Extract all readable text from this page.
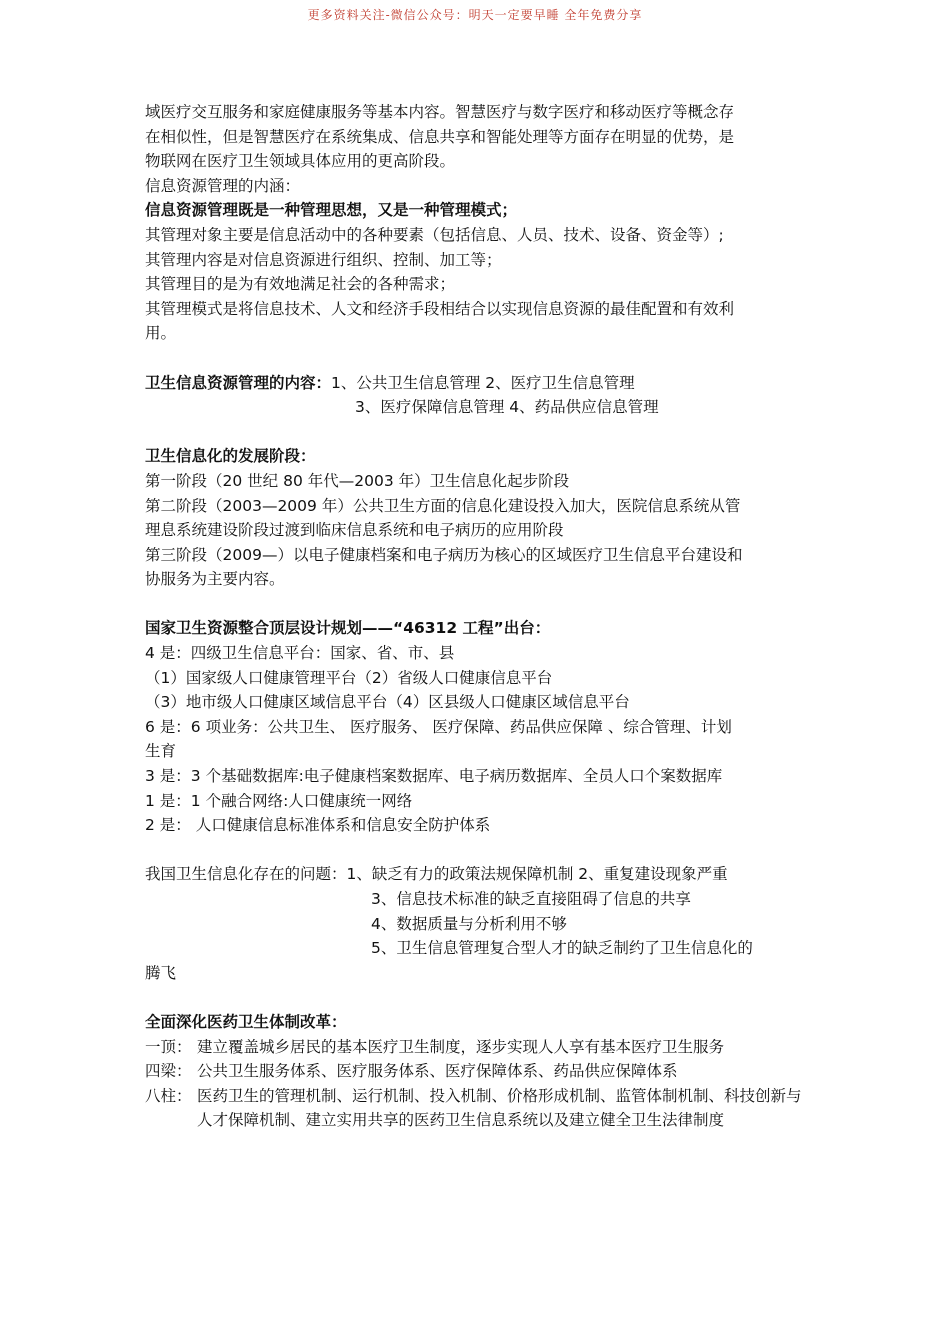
更多资料关注-微信公众号：明天一定要早睡 全年免费分享
域医疗交互服务和家庭健康服务等基本内容。智慧医疗与数字医疗和移动医疗等概念存
在相似性，但是智慧医疗在系统集成、信息共享和智能处理等方面存在明显的优势，是
物联网在医疗卫生领域具体应用的更高阶段。
信息资源管理的内涵：
信息资源管理既是一种管理思想，又是一种管理模式；
其管理对象主要是信息活动中的各种要素（包括信息、人员、技术、设备、资金等）;
其管理内容是对信息资源进行组织、控制、加工等；
其管理目的是为有效地满足社会的各种需求；
其管理模式是将信息技术、人文和经济手段相结合以实现信息资源的最佳配置和有效利
用。
卫生信息资源管理的内容：1、公共卫生信息管理 2、医疗卫生信息管理
3、医疗保障信息管理 4、药品供应信息管理
卫生信息化的发展阶段：
第一阶段（20 世纪 80 年代—2003 年）卫生信息化起步阶段
第二阶段（2003—2009 年）公共卫生方面的信息化建设投入加大，医院信息系统从管
理息系统建设阶段过渡到临床信息系统和电子病历的应用阶段
第三阶段（2009—）以电子健康档案和电子病历为核心的区域医疗卫生信息平台建设和
协服务为主要内容。
国家卫生资源整合顶层设计规划——“46312 工程”出台：
4 是：四级卫生信息平台：国家、省、市、县
（1）国家级人口健康管理平台（2）省级人口健康信息平台
（3）地市级人口健康区域信息平台（4）区县级人口健康区域信息平台
6 是：6 项业务：公共卫生、 医疗服务、 医疗保障、药品供应保障 、综合管理、计划
生育
3 是：3 个基础数据库:电子健康档案数据库、电子病历数据库、全员人口个案数据库
1 是：1 个融合网络:人口健康统一网络
2 是： 人口健康信息标准体系和信息安全防护体系
我国卫生信息化存在的问题：1、缺乏有力的政策法规保障机制 2、重复建设现象严重
3、信息技术标准的缺乏直接阻碍了信息的共享
4、数据质量与分析利用不够
5、卫生信息管理复合型人才的缺乏制约了卫生信息化的
腾飞
全面深化医药卫生体制改革：
一顶： 建立覆盖城乡居民的基本医疗卫生制度，逐步实现人人享有基本医疗卫生服务
四梁： 公共卫生服务体系、医疗服务体系、医疗保障体系、药品供应保障体系
八柱： 医药卫生的管理机制、运行机制、投入机制、价格形成机制、监管体制机制、科技创新与人才保障机制、建立实用共享的医药卫生信息系统以及建立健全卫生法律制度
